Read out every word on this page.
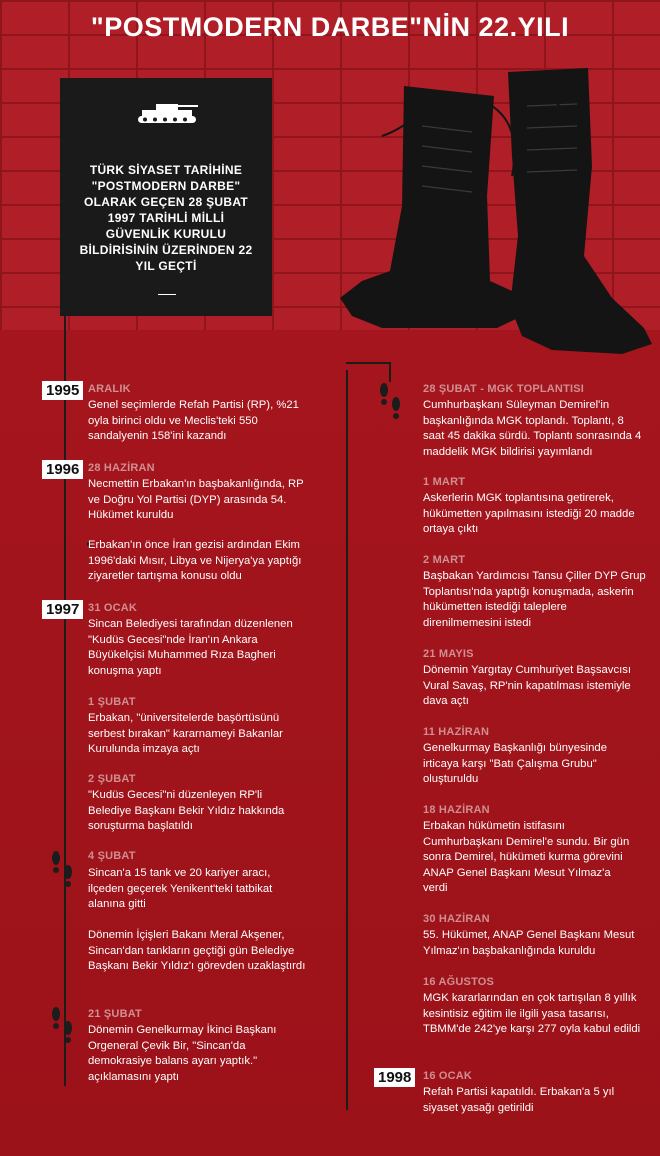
"POSTMODERN DARBE"NİN 22.YILI
TÜRK SİYASET TARİHİNE "POSTMODERN DARBE" OLARAK GEÇEN 28 ŞUBAT 1997 TARİHLİ MİLLİ GÜVENLİK KURULU BİLDİRİSİNİN ÜZERİNDEN 22 YIL GEÇTİ
1995 ARALIK
Genel seçimlerde Refah Partisi (RP), %21 oyla birinci oldu ve Meclis'teki 550 sandalyenin 158'ini kazandı
1996 28 HAZİRAN
Necmettin Erbakan'ın başbakanlığında, RP ve Doğru Yol Partisi (DYP) arasında 54. Hükümet kuruldu
Erbakan'ın önce İran gezisi ardından Ekim 1996'daki Mısır, Libya ve Nijerya'ya yaptığı ziyaretler tartışma konusu oldu
1997 31 OCAK
Sincan Belediyesi tarafından düzenlenen "Kudüs Gecesi"nde İran'ın Ankara Büyükelçisi Muhammed Rıza Bagheri konuşma yaptı
1 ŞUBAT
Erbakan, "üniversitelerde başörtüsünü serbest bırakan" kararnameyi Bakanlar Kurulunda imzaya açtı
2 ŞUBAT
"Kudüs Gecesi"ni düzenleyen RP'li Belediye Başkanı Bekir Yıldız hakkında soruşturma başlatıldı
4 ŞUBAT
Sincan'a 15 tank ve 20 kariyer aracı, ilçeden geçerek Yenikent'teki tatbikat alanına gitti
Dönemin İçişleri Bakanı Meral Akşener, Sincan'dan tankların geçtiği gün Belediye Başkanı Bekir Yıldız'ı görevden uzaklaştırdı
21 ŞUBAT
Dönemin Genelkurmay İkinci Başkanı Orgeneral Çevik Bir, "Sincan'da demokrasiye balans ayarı yaptık." açıklamasını yaptı
28 ŞUBAT - MGK TOPLANTISI
Cumhurbaşkanı Süleyman Demirel'in başkanlığında MGK toplandı. Toplantı, 8 saat 45 dakika sürdü. Toplantı sonrasında 4 maddelik MGK bildirisi yayımlandı
1 MART
Askerlerin MGK toplantısına getirerek, hükümetten yapılmasını istediği 20 madde ortaya çıktı
2 MART
Başbakan Yardımcısı Tansu Çiller DYP Grup Toplantısı'nda yaptığı konuşmada, askerin hükümetten istediği taleplere direnilmemesini istedi
21 MAYIS
Dönemin Yargıtay Cumhuriyet Başsavcısı Vural Savaş, RP'nin kapatılması istemiyle dava açtı
11 HAZİRAN
Genelkurmay Başkanlığı bünyesinde irticaya karşı "Batı Çalışma Grubu" oluşturuldu
18 HAZİRAN
Erbakan hükümetin istifasını Cumhurbaşkanı Demirel'e sundu. Bir gün sonra Demirel, hükümeti kurma görevini ANAP Genel Başkanı Mesut Yılmaz'a verdi
30 HAZİRAN
55. Hükümet, ANAP Genel Başkanı Mesut Yılmaz'ın başbakanlığında kuruldu
16 AĞUSTOS
MGK kararlarından en çok tartışılan 8 yıllık kesintisiz eğitim ile ilgili yasa tasarısı, TBMM'de 242'ye karşı 277 oyla kabul edildi
1998	16 OCAK
Refah Partisi kapatıldı. Erbakan'a 5 yıl siyaset yasağı getirildi
